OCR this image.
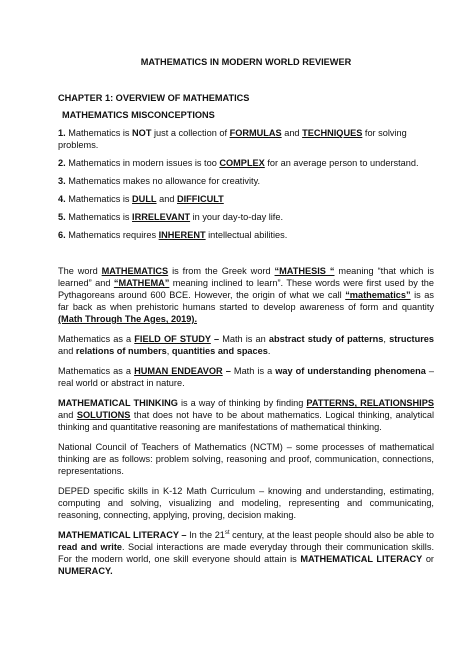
MATHEMATICS IN MODERN WORLD REVIEWER
CHAPTER 1: OVERVIEW OF MATHEMATICS
MATHEMATICS MISCONCEPTIONS
1. Mathematics is NOT just a collection of FORMULAS and TECHNIQUES for solving problems.
2. Mathematics in modern issues is too COMPLEX for an average person to understand.
3. Mathematics makes no allowance for creativity.
4. Mathematics is DULL and DIFFICULT
5. Mathematics is IRRELEVANT in your day-to-day life.
6. Mathematics requires INHERENT intellectual abilities.

The word MATHEMATICS is from the Greek word “MATHESIS “ meaning “that which is learned” and “MATHEMA” meaning inclined to learn”. These words were first used by the Pythagoreans around 600 BCE. However, the origin of what we call “mathematics” is as far back as when prehistoric humans started to develop awareness of form and quantity (Math Through The Ages, 2019).

Mathematics as a FIELD OF STUDY – Math is an abstract study of patterns, structures and relations of numbers, quantities and spaces.

Mathematics as a HUMAN ENDEAVOR – Math is a way of understanding phenomena – real world or abstract in nature.

MATHEMATICAL THINKING is a way of thinking by finding PATTERNS, RELATIONSHIPS and SOLUTIONS that does not have to be about mathematics. Logical thinking, analytical thinking and quantitative reasoning are manifestations of mathematical thinking.

National Council of Teachers of Mathematics (NCTM) – some processes of mathematical thinking are as follows: problem solving, reasoning and proof, communication, connections, representations.

DEPED specific skills in K-12 Math Curriculum – knowing and understanding, estimating, computing and solving, visualizing and modeling, representing and communicating, reasoning, connecting, applying, proving, decision making.

MATHEMATICAL LITERACY – In the 21st century, at the least people should also be able to read and write. Social interactions are made everyday through their communication skills. For the modern world, one skill everyone should attain is MATHEMATICAL LITERACY or NUMERACY.
